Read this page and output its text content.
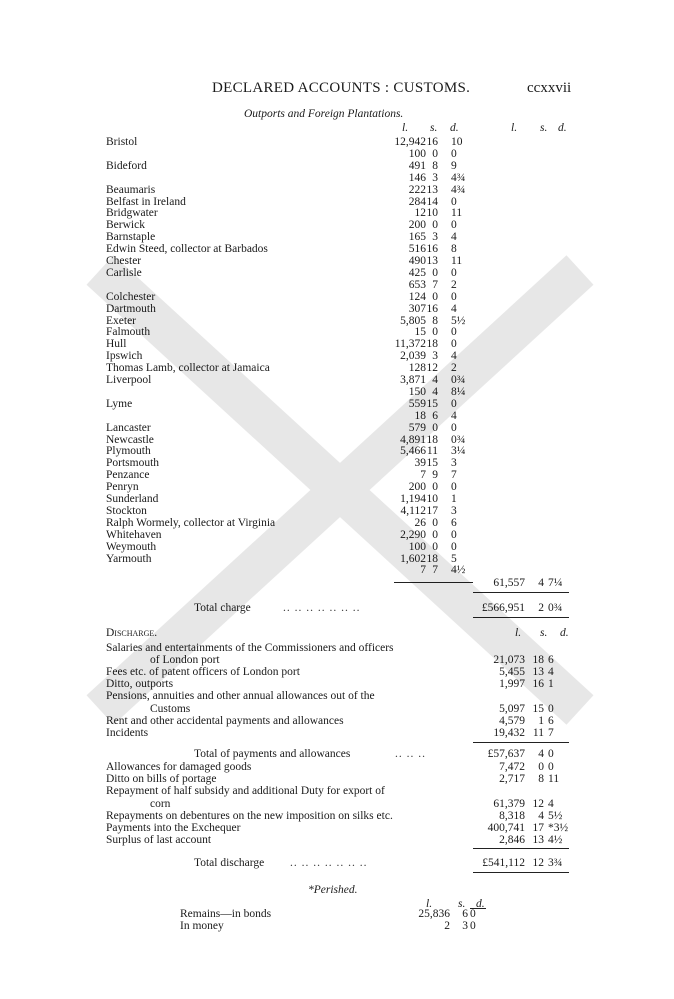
DECLARED ACCOUNTS : CUSTOMS.	ccxxvii
Outports and Foreign Plantations.
l. s. d.	l. s. d.
Bristol	12,942 16 10
100 0 0
Bideford	491 8 9
146 3 4¾
Beaumaris	222 13 4¾
Belfast in Ireland	284 14 0
Bridgwater	12 10 11
Berwick	200 0 0
Barnstaple	165 3 4
Edwin Steed, collector at Barbados	516 16 8
Chester	490 13 11
Carlisle	425 0 0
653 7 2
Colchester	124 0 0
Dartmouth	307 16 4
Exeter	5,805 8 5½
Falmouth	15 0 0
Hull	11,372 18 0
Ipswich	2,039 3 4
Thomas Lamb, collector at Jamaica	128 12 2
Liverpool	3,871 4 0¾
150 4 8¼
Lyme	559 15 0
18 6 4
Lancaster	579 0 0
Newcastle	4,891 18 0¾
Plymouth	5,466 11 3¼
Portsmouth	39 15 3
Penzance	7 9 7
Penryn	200 0 0
Sunderland	1,194 10 1
Stockton	4,112 17 3
Ralph Wormely, collector at Virginia	26 0 6
Whitehaven	2,290 0 0
Weymouth	100 0 0
Yarmouth	1,602 18 5
7 7 4½
61,557	4 7¼
Total charge	.. .. .. .. .. .. ..	£566,951	2 0¾
Discharge.	l. s. d.
Salaries and entertainments of the Commissioners and officers
of London port	21,073 18 6
Fees etc. of patent officers of London port	5,455 13 4
Ditto, outports	1,997 16 1
Pensions, annuities and other annual allowances out of the
Customs	5,097 15 0
Rent and other accidental payments and allowances	4,579	1 6
Incidents	19,432 11 7
Total of payments and allowances	.. .. ..	£57,637	4 0
Allowances for damaged goods	7,472	0 0
Ditto on bills of portage	2,717	8 11
Repayment of half subsidy and additional Duty for export of
corn	61,379 12 4
Repayments on debentures on the new imposition on silks etc.	8,318	4 5½
Payments into the Exchequer	400,741 17 *3½
Surplus of last account	2,846 13 4½
Total discharge .. .. .. .. .. .. ..	£541,112 12 3¾
*Perished.
l. s. d.
Remains—in bonds	25,836	6 0
In money	2	3 0
